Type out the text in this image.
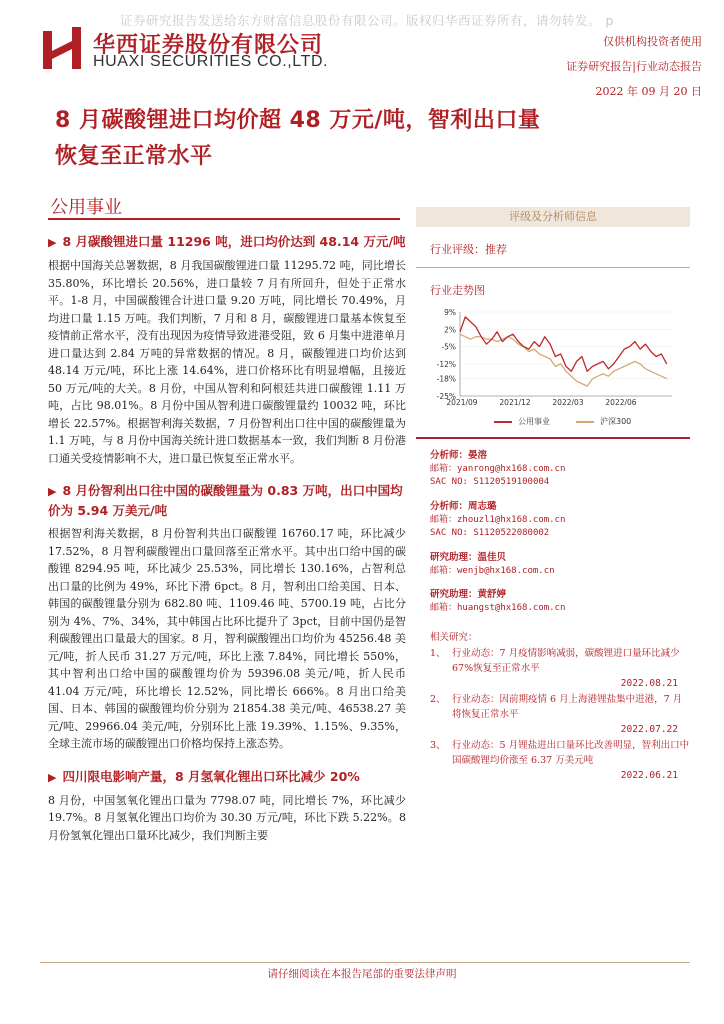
证券研究报告发送给东方财富信息股份有限公司。版权归华西证券所有，请勿转发。 p
华西证券股份有限公司
HUAXI SECURITIES CO.,LTD.
仅供机构投资者使用
证券研究报告|行业动态报告
2022 年 09 月 20 日
8 月碳酸锂进口均价超 48 万元/吨，智利出口量
恢复至正常水平
公用事业
▶ 8 月碳酸锂进口量 11296 吨，进口均价达到 48.14 万元/吨
根据中国海关总署数据，8 月我国碳酸锂进口量 11295.72 吨，同比增长 35.80%，环比增长 20.56%，进口量较 7 月有所回升，但处于正常水平。1-8 月，中国碳酸锂合计进口量 9.20 万吨，同比增长 70.49%，月均进口量 1.15 万吨。我们判断，7 月和 8 月，碳酸锂进口量基本恢复至疫情前正常水平，没有出现因为疫情导致进港受阻，致 6 月集中进港单月进口量达到 2.84 万吨的异常数据的情况。8 月，碳酸锂进口均价达到 48.14 万元/吨，环比上涨 14.64%，进口价格环比有明显增幅，且接近 50 万元/吨的大关。8 月份，中国从智利和阿根廷共进口碳酸锂 1.11 万吨，占比 98.01%。8 月份中国从智利进口碳酸锂量约 10032 吨，环比增长 22.57%。根据智利海关数据，7 月份智利出口往中国的碳酸锂量为 1.1 万吨，与 8 月份中国海关统计进口数据基本一致，我们判断 8 月份港口通关受疫情影响不大，进口量已恢复至正常水平。
▶ 8 月份智利出口往中国的碳酸锂量为 0.83 万吨，出口中国均价为 5.94 万美元/吨
根据智利海关数据，8 月份智利共出口碳酸锂 16760.17 吨，环比减少 17.52%，8 月智利碳酸锂出口量回落至正常水平。其中出口给中国的碳酸锂 8294.95 吨，环比减少 25.53%，同比增长 130.16%，占智利总出口量的比例为 49%，环比下滑 6pct。8 月，智利出口给美国、日本、韩国的碳酸锂量分别为 682.80 吨、1109.46 吨、5700.19 吨，占比分别为 4%、7%、34%，其中韩国占比环比提升了 3pct，目前中国仍是智利碳酸锂出口量最大的国家。8 月，智利碳酸锂出口均价为 45256.48 美元/吨，折人民币 31.27 万元/吨，环比上涨 7.84%，同比增长 550%，其中智利出口给中国的碳酸锂均价为 59396.08 美元/吨，折人民币 41.04 万元/吨，环比增长 12.52%，同比增长 666%。8 月出口给美国、日本、韩国的碳酸锂均价分别为 21854.38 美元/吨、46538.27 美元/吨、29966.04 美元/吨，分别环比上涨 19.39%、1.15%、9.35%，全球主流市场的碳酸锂出口价格均保持上涨态势。
▶ 四川限电影响产量，8 月氢氧化锂出口环比减少 20%
8 月份，中国氢氧化锂出口量为 7798.07 吨，同比增长 7%，环比减少 19.7%。8 月氢氧化锂出口均价为 30.30 万元/吨，环比下跌 5.22%。8 月份氢氧化锂出口量环比减少，我们判断主要
评级及分析师信息
行业评级：推荐
行业走势图
9%
2%
-5%
-12%
-18%
-25%
2021/09	2021/12	2022/03	2022/06
公用事业	沪深300
分析师：晏溶
邮箱：yanrong@hx168.com.cn
SAC NO: S1120519100004
分析师：周志璐
邮箱：zhouzl1@hx168.com.cn
SAC NO: S1120522080002
研究助理：温佳贝
邮箱：wenjb@hx168.com.cn
研究助理：黄舒婷
邮箱：huangst@hx168.com.cn
相关研究：
1、 行业动态：7 月疫情影响减弱，碳酸锂进口量环比减少 67%恢复至正常水平
2022.08.21
2、 行业动态：因前期疫情 6 月上海港锂盐集中进港，7 月将恢复正常水平
2022.07.22
3、 行业动态：5 月锂盐进出口量环比改善明显，智利出口中国碳酸锂均价涨至 6.37 万美元吨
2022.06.21
请仔细阅读在本报告尾部的重要法律声明
